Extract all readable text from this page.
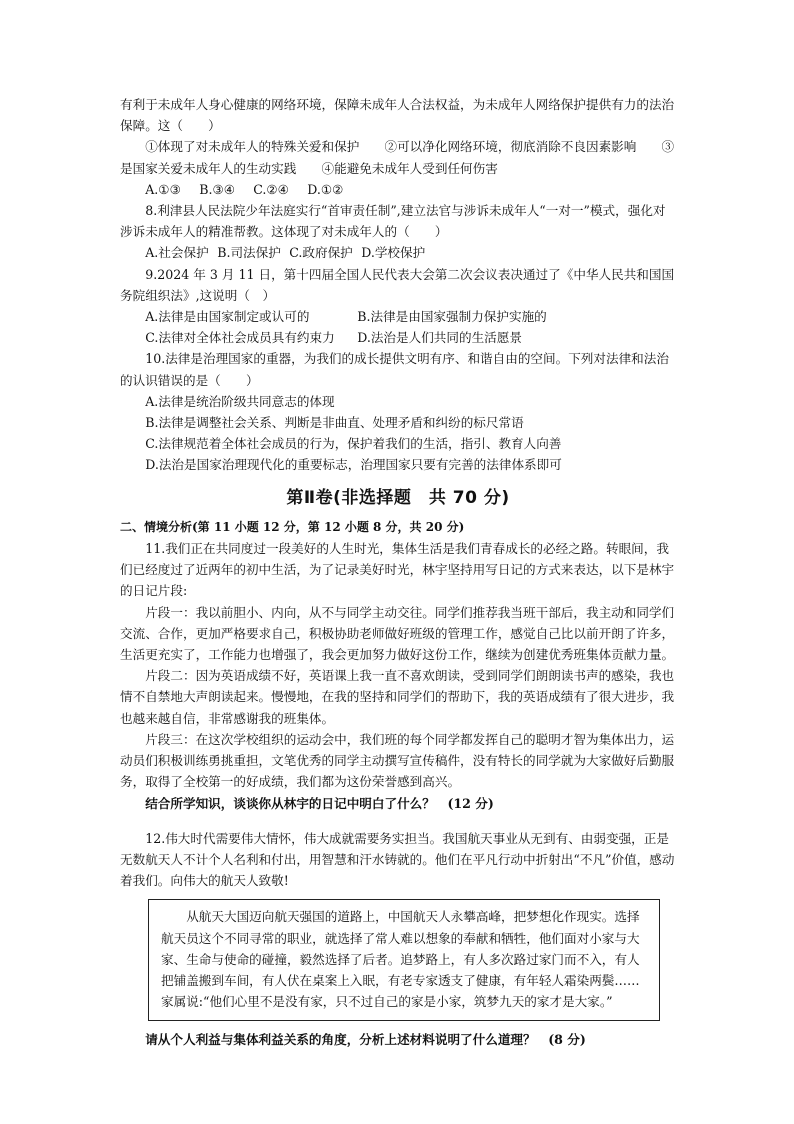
有利于未成年人身心健康的网络环境，保障未成年人合法权益，为未成年人网络保护提供有力的法治保障。这（　　）

①体现了对未成年人的特殊关爱和保护　　②可以净化网络环境，彻底消除不良因素影响　　③是国家关爱未成年人的生动实践　　④能避免未成年人受到任何伤害

A.①③ B.③④ C.②④ D.①②

8.利津县人民法院少年法庭实行“首审责任制”,建立法官与涉诉未成年人“一对一”模式，强化对涉诉未成年人的精准帮教。这体现了对未成年人的（　　）

A.社会保护 B.司法保护 C.政府保护 D.学校保护

9.2024 年 3 月 11 日，第十四届全国人民代表大会第二次会议表决通过了《中华人民共和国国务院组织法》,这说明（　）

A.法律是由国家制定或认可的	B.法律是由国家强制力保护实施的

C.法律对全体社会成员具有约束力 D.法治是人们共同的生活愿景

10.法律是治理国家的重器，为我们的成长提供文明有序、和谐自由的空间。下列对法律和法治的认识错误的是（　　）

A.法律是统治阶级共同意志的体现

B.法律是调整社会关系、判断是非曲直、处理矛盾和纠纷的标尺常语

C.法律规范着全体社会成员的行为，保护着我们的生活，指引、教育人向善

D.法治是国家治理现代化的重要标志，治理国家只要有完善的法律体系即可

第Ⅱ卷(非选择题　共 70 分)

二、情境分析(第 11 小题 12 分，第 12 小题 8 分，共 20 分)

11.我们正在共同度过一段美好的人生时光，集体生活是我们青春成长的必经之路。转眼间，我们已经度过了近两年的初中生活，为了记录美好时光，林宇坚持用写日记的方式来表达，以下是林宇的日记片段:

片段一：我以前胆小、内向，从不与同学主动交往。同学们推荐我当班干部后，我主动和同学们交流、合作，更加严格要求自己，积极协助老师做好班级的管理工作，感觉自己比以前开朗了许多，生活更充实了，工作能力也增强了，我会更加努力做好这份工作，继续为创建优秀班集体贡献力量。

片段二：因为英语成绩不好，英语课上我一直不喜欢朗读，受到同学们朗朗读书声的感染，我也情不自禁地大声朗读起来。慢慢地，在我的坚持和同学们的帮助下，我的英语成绩有了很大进步，我也越来越自信，非常感谢我的班集体。

片段三：在这次学校组织的运动会中，我们班的每个同学都发挥自己的聪明才智为集体出力，运动员们积极训练勇挑重担，文笔优秀的同学主动撰写宣传稿件，没有特长的同学就为大家做好后勤服务，取得了全校第一的好成绩，我们都为这份荣誉感到高兴。

结合所学知识，谈谈你从林宇的日记中明白了什么？　(12 分)

12.伟大时代需要伟大情怀，伟大成就需要务实担当。我国航天事业从无到有、由弱变强，正是无数航天人不计个人名利和付出，用智慧和汗水铸就的。他们在平凡行动中折射出“不凡”价值，感动着我们。向伟大的航天人致敬!

从航天大国迈向航天强国的道路上，中国航天人永攀高峰，把梦想化作现实。选择航天员这个不同寻常的职业，就选择了常人难以想象的奉献和牺牲，他们面对小家与大家、生命与使命的碰撞，毅然选择了后者。追梦路上，有人多次路过家门而不入，有人把铺盖搬到车间，有人伏在桌案上入眠，有老专家透支了健康，有年轻人霜染两鬓……家属说:“他们心里不是没有家，只不过自己的家是小家，筑梦九天的家才是大家。”

请从个人利益与集体利益关系的角度，分析上述材料说明了什么道理？　(8 分)
